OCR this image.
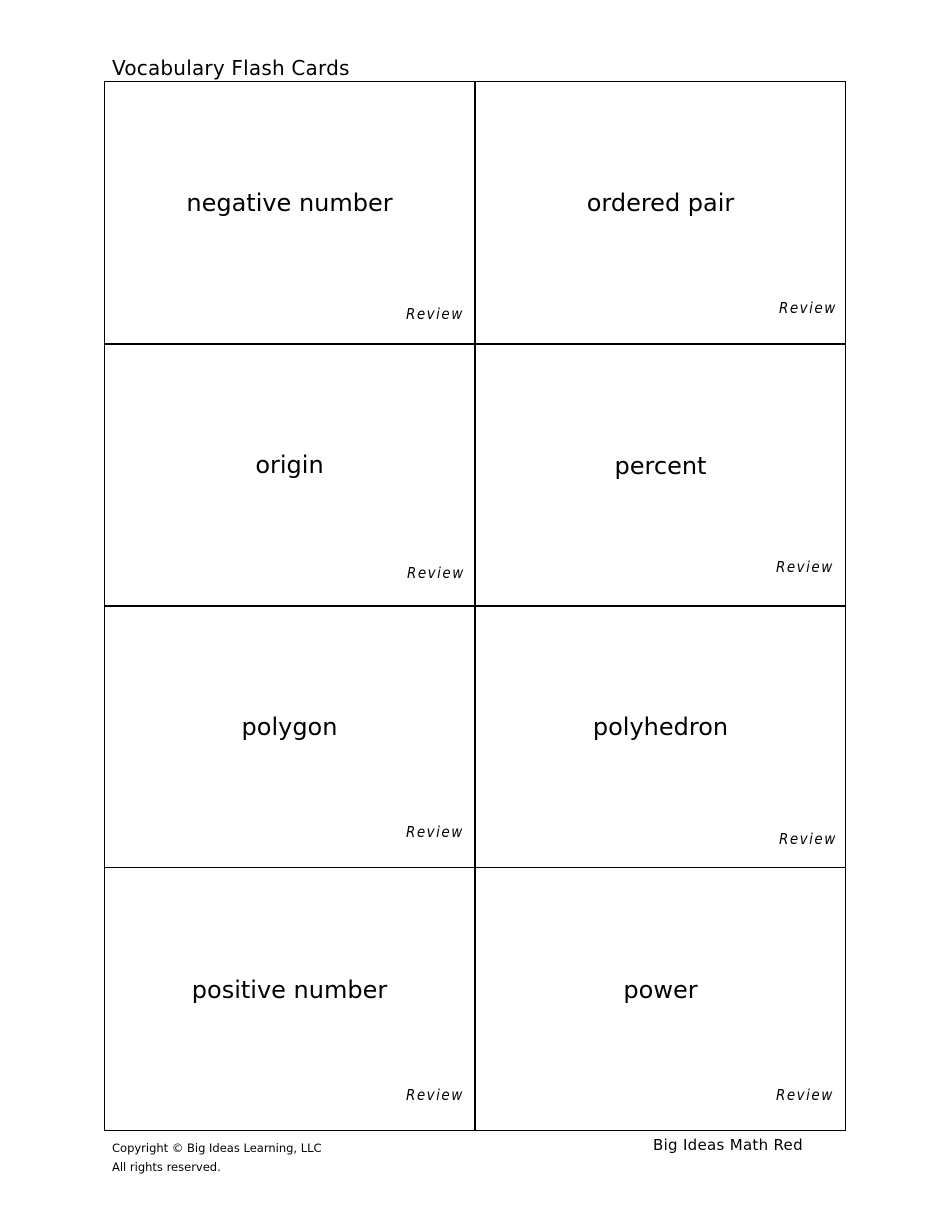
Vocabulary Flash Cards
negative number
Review
ordered pair
Review
origin
Review
percent
Review
polygon
Review
polyhedron
Review
positive number
Review
power
Review
Copyright © Big Ideas Learning, LLC
All rights reserved.
Big Ideas Math Red
